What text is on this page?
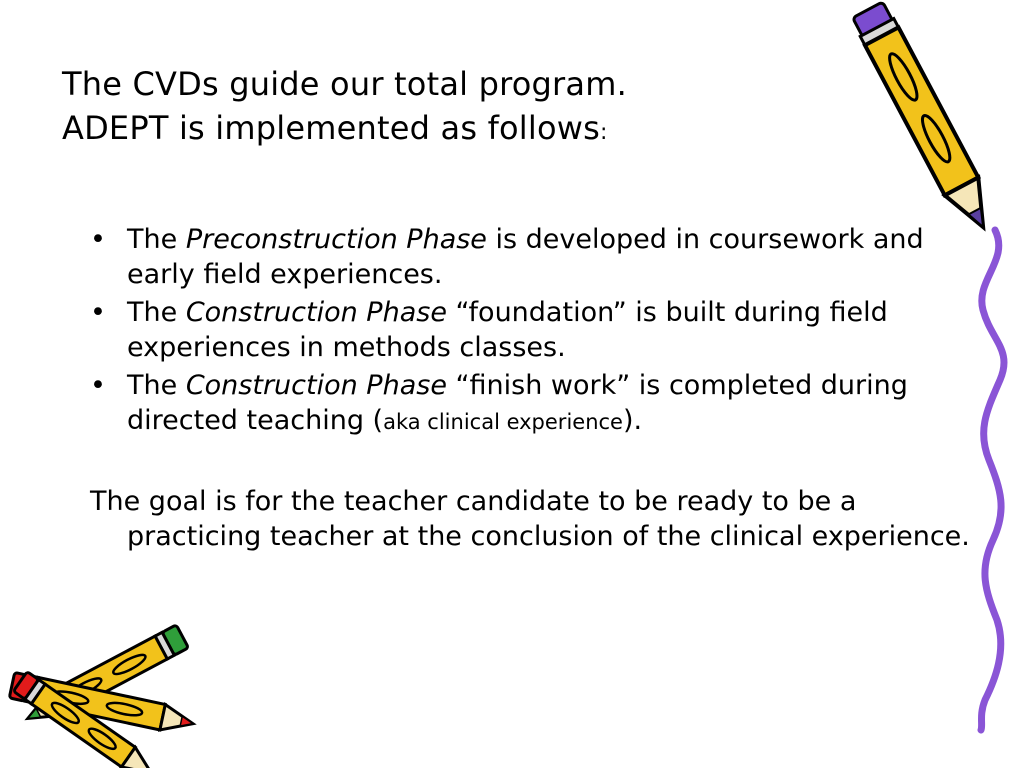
The CVDs guide our total program.
ADEPT is implemented as follows:
• The Preconstruction Phase is developed in coursework and early field experiences.
• The Construction Phase “foundation” is built during field experiences in methods classes.
• The Construction Phase “finish work” is completed during directed teaching (aka clinical experience).

The goal is for the teacher candidate to be ready to be a practicing teacher at the conclusion of the clinical experience.
